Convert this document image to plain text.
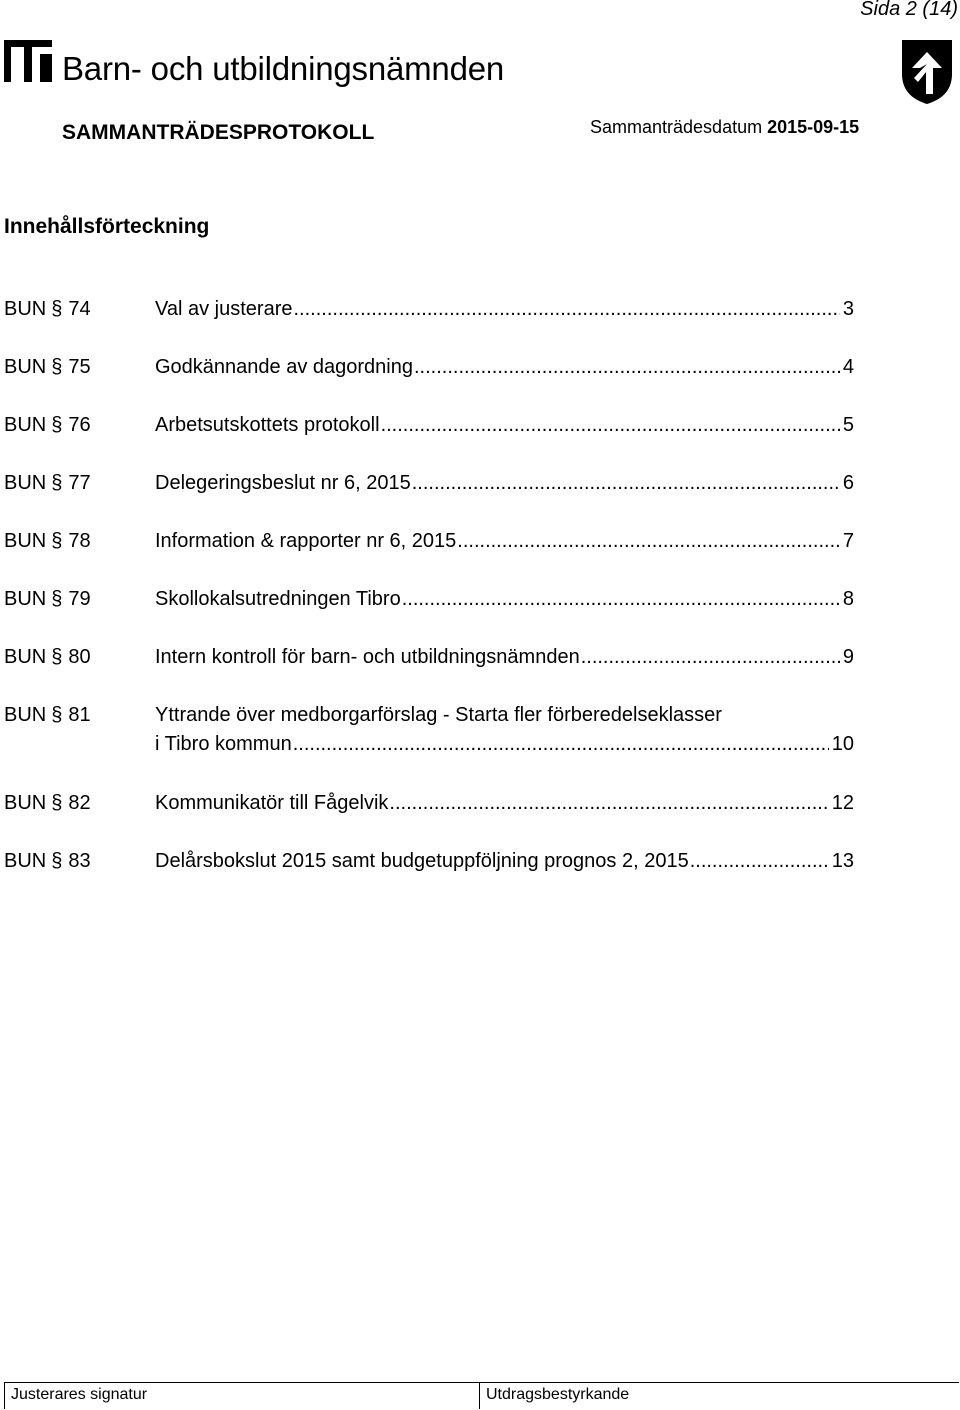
Sida 2 (14)
Barn- och utbildningsnämnden
SAMMANTRÄDESPROTOKOLL	Sammanträdesdatum 2015-09-15
Innehållsförteckning
BUN § 74	Val av justerare .....	3
BUN § 75	Godkännande av dagordning .....	4
BUN § 76	Arbetsutskottets protokoll .....	5
BUN § 77	Delegeringsbeslut nr 6, 2015 .....	6
BUN § 78	Information & rapporter nr 6, 2015 .....	7
BUN § 79	Skollokalsutredningen Tibro .....	8
BUN § 80	Intern kontroll för barn- och utbildningsnämnden .....	9
BUN § 81	Yttrande över medborgarförslag - Starta fler förberedelseklasser
i Tibro kommun .....	10
BUN § 82	Kommunikatör till Fågelvik .....	12
BUN § 83	Delårsbokslut 2015 samt budgetuppföljning prognos 2, 2015 .....	13
Justerares signatur	Utdragsbestyrkande
